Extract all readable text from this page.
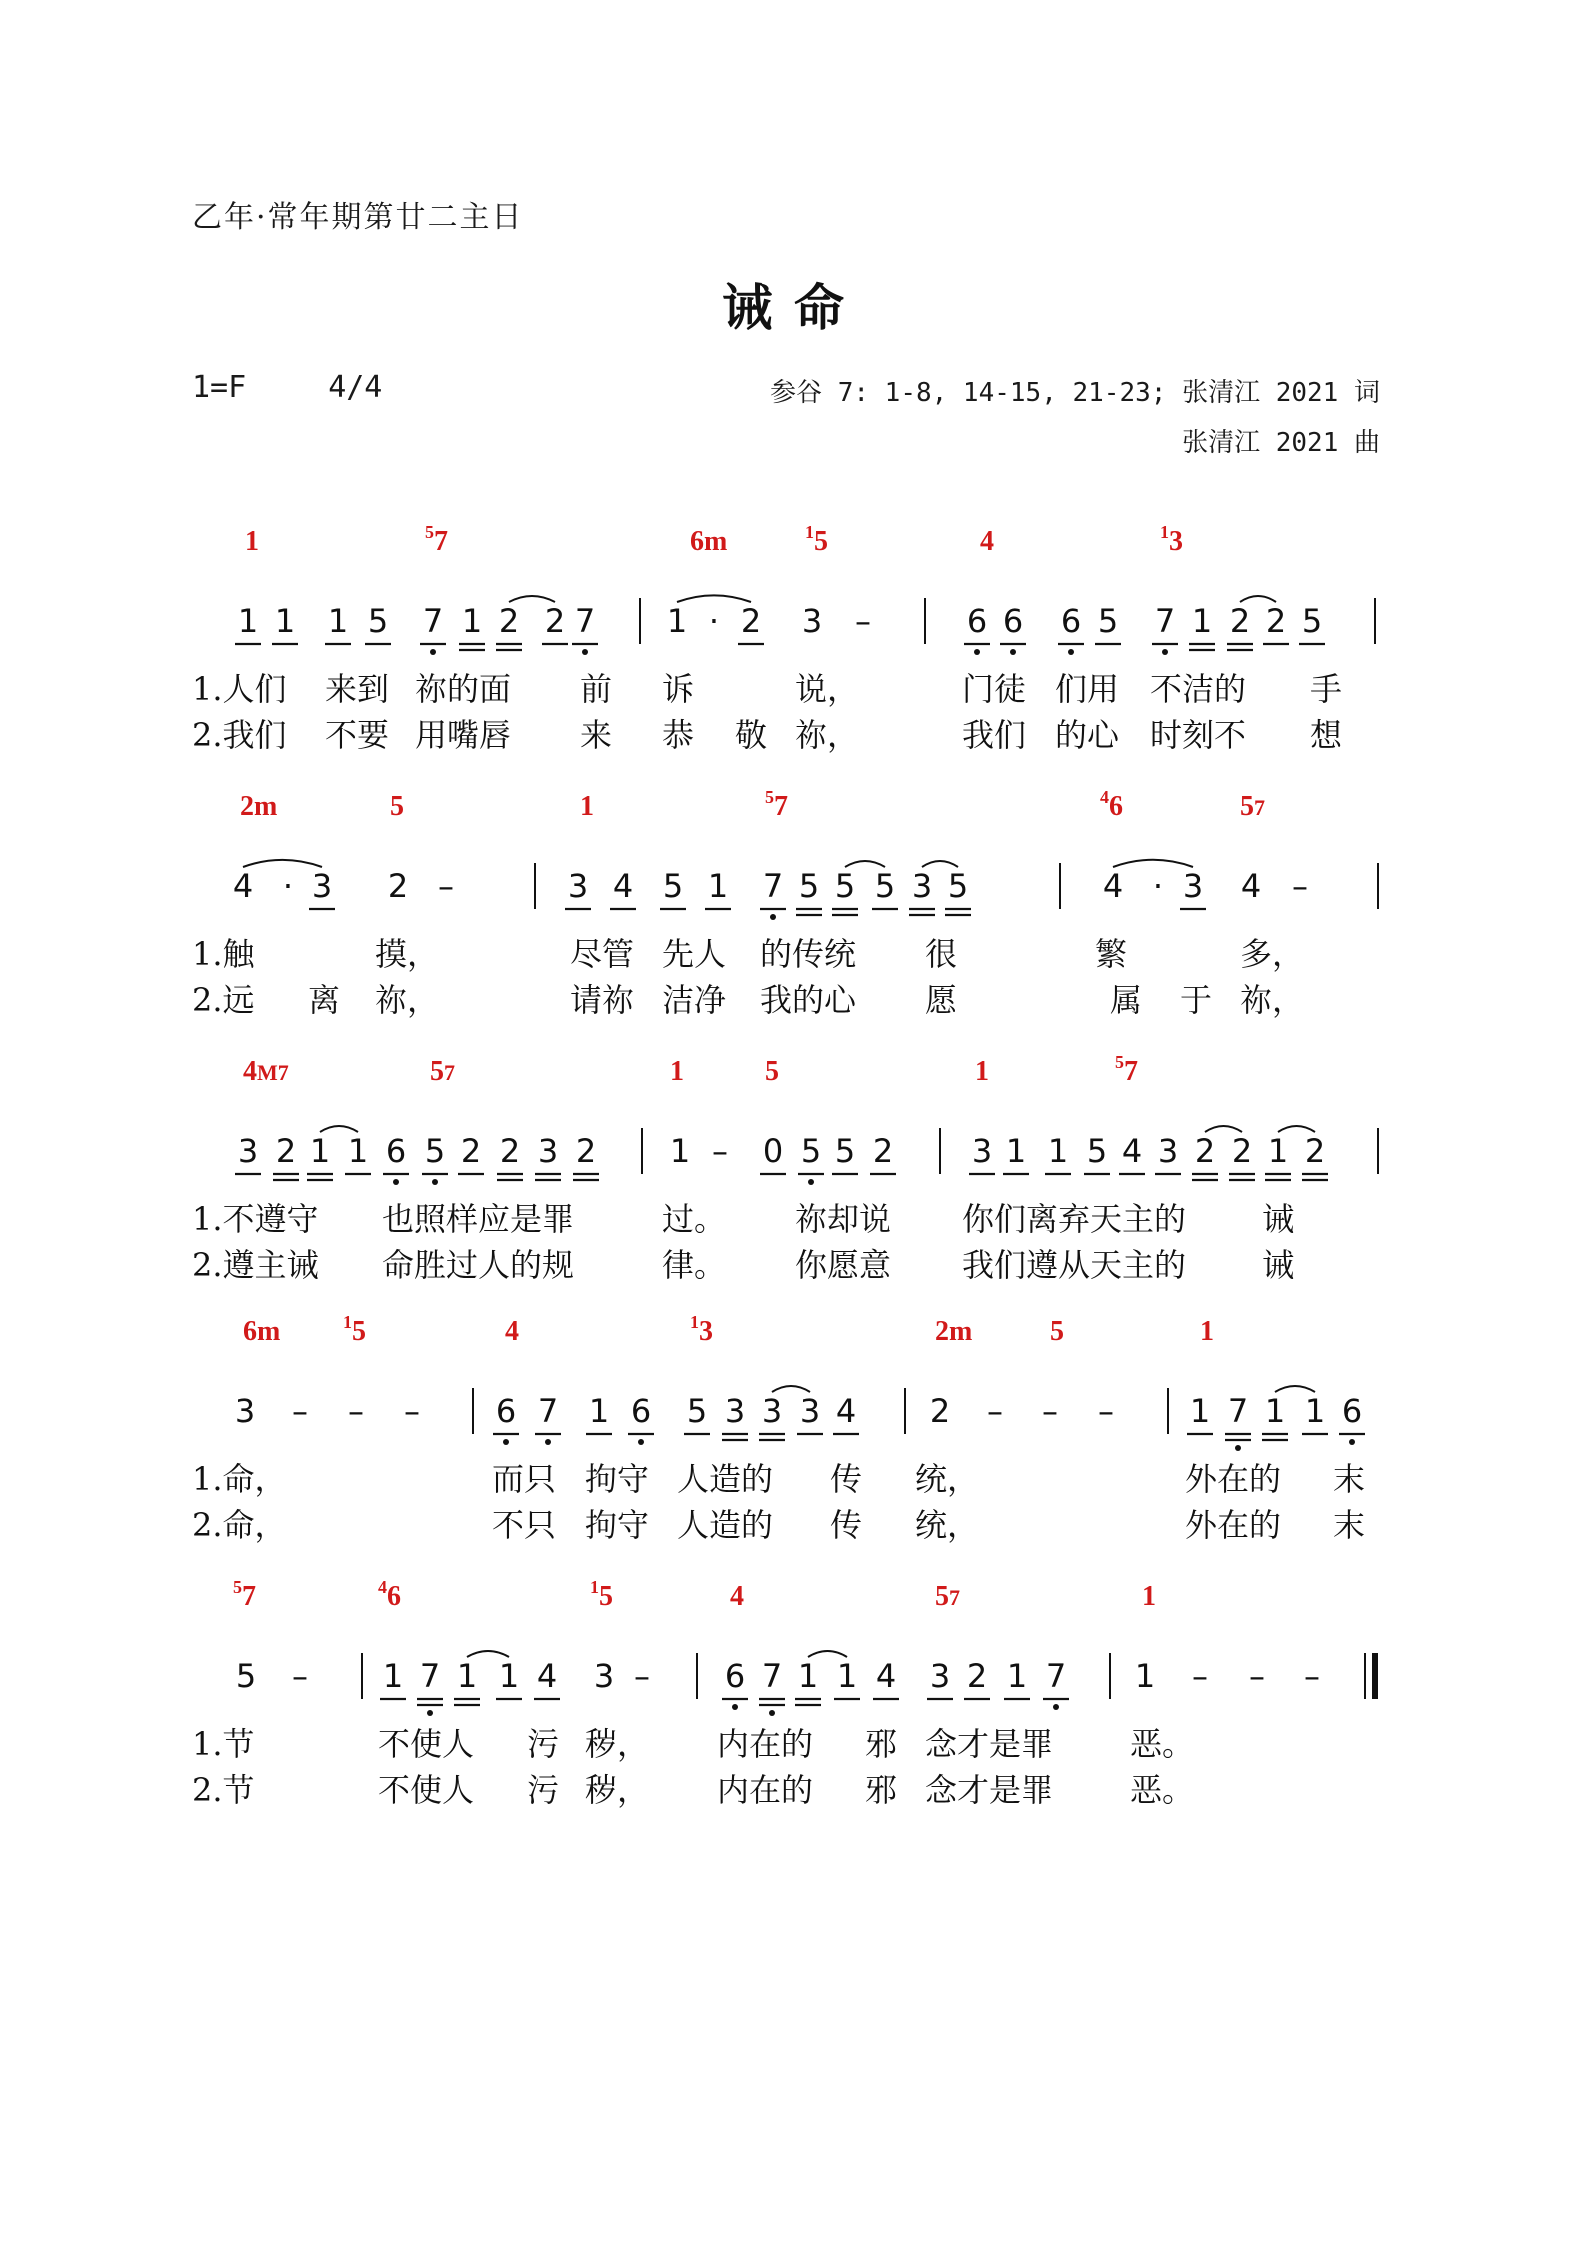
乙年·常年期第廿二主日
诫命
1=F	4/4	参谷 7: 1-8, 14-15, 21-23; 张清江 2021 词
张清江 2021 曲
1	$^5$7	6m	$^1$5	4	$^1$3
1 1 1 5 7 1 2 2 7 1 · 2 3 –	6 6 6 5 7 1 2 2 5
1.人们 来到 祢的面 前 诉	说，	门徒 们用 不洁的 手
2.我们 不要 用嘴唇 来 恭 敬 祢，	我们 的心 时刻不 想
2m	5	1	$^5$7	$^4$6	57
4 · 3 2 –	3 4 5 1 7 5 5 5 3 5	4 · 3 4 –
1.触	摸，	尽管 先人 的传统 很	繁	多，
2.远 离 祢，	请祢 洁净 我的心 愿	属 于 祢，
4M7	57	1	5	1	$^5$7
3 2 1 1 6 5 2 2 3 2 1 – 0 5 5 2 3 1 1 5 4 3 2 2 1 2
1.不遵守 也照样应是罪	过。 祢却说 你们离弃天主的 诫
2.遵主诫 命胜过人的规	律。 你愿意 我们遵从天主的 诫
6m	$^1$5	4	$^1$3	2m	5	1
3 – – – 6 7 1 6 5 3 3 3 4 2 – – – 1 7 1 1 6
1.命，	而只 拘守 人造的 传 统，	外在的 末
2.命，	不只 拘守 人造的 传 统，	外在的 末
$^5$7	$^4$6	$^1$5	4	57	1
5 – 1 7 1 1 4 3 – 6 7 1 1 4 3 2 1 7 1 – – –
1.节	不使人 污 秽， 内在的 邪 念才是罪 恶。
2.节	不使人 污 秽， 内在的 邪 念才是罪 恶。
